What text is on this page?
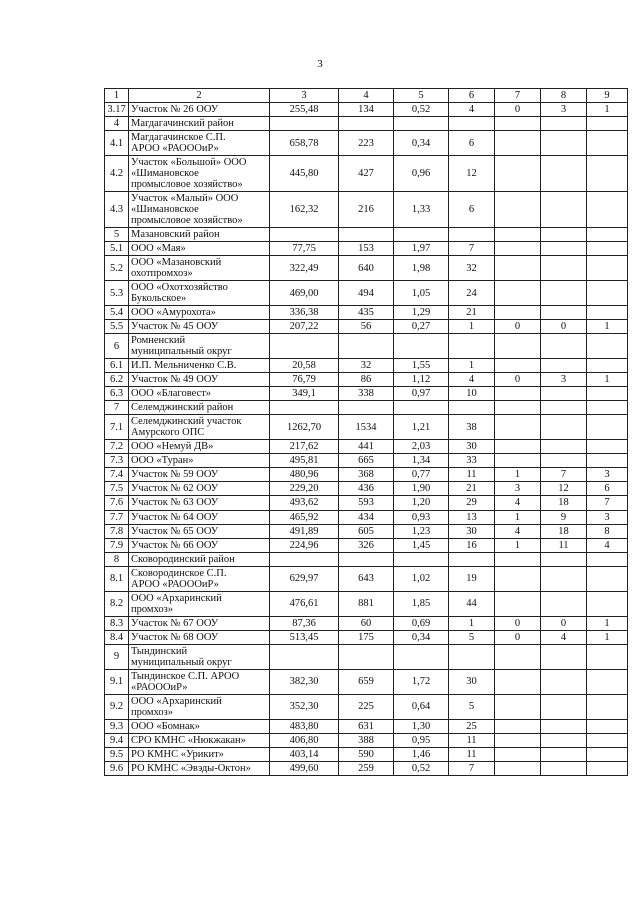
3
1	2	3	4	5	6	7	8	9
3.17	Участок № 26 ООУ	255,48	134	0,52	4	0	3	1
4	Магдагачинский район							
4.1	Магдагачинское С.П.
АРОО «РАОООиР»	658,78	223	0,34	6			
4.2	Участок «Большой» ООО
«Шимановское
промысловое хозяйство»	445,80	427	0,96	12			
4.3	Участок «Малый» ООО
«Шимановское
промысловое хозяйство»	162,32	216	1,33	6			
5	Мазановский район							
5.1	ООО «Мая»	77,75	153	1,97	7			
5.2	ООО «Мазановский
охотпромхоз»	322,49	640	1,98	32			
5.3	ООО «Охотхозяйство
Букольское»	469,00	494	1,05	24			
5.4	ООО «Амурохота»	336,38	435	1,29	21			
5.5	Участок № 45 ООУ	207,22	56	0,27	1	0	0	1
6	Ромненский
муниципальный округ							
6.1	И.П. Мельниченко С.В.	20,58	32	1,55	1			
6.2	Участок № 49 ООУ	76,79	86	1,12	4	0	3	1
6.3	ООО «Благовест»	349,1	338	0,97	10			
7	Селемджинский район							
7.1	Селемджинский участок
Амурского ОПС	1262,70	1534	1,21	38			
7.2	ООО «Немуй ДВ»	217,62	441	2,03	30			
7.3	ООО «Туран»	495,81	665	1,34	33			
7.4	Участок № 59 ООУ	480,96	368	0,77	11	1	7	3
7.5	Участок № 62 ООУ	229,20	436	1,90	21	3	12	6
7.6	Участок № 63 ООУ	493,62	593	1,20	29	4	18	7
7.7	Участок № 64 ООУ	465,92	434	0,93	13	1	9	3
7.8	Участок № 65 ООУ	491,89	605	1,23	30	4	18	8
7.9	Участок № 66 ООУ	224,96	326	1,45	16	1	11	4
8	Сковородинский район							
8.1	Сковородинское С.П.
АРОО «РАОООиР»	629,97	643	1,02	19			
8.2	ООО «Архаринский
промхоз»	476,61	881	1,85	44			
8.3	Участок № 67 ООУ	87,36	60	0,69	1	0	0	1
8.4	Участок № 68 ООУ	513,45	175	0,34	5	0	4	1
9	Тындинский
муниципальный округ							
9.1	Тындинское С.П. АРОО
«РАОООиР»	382,30	659	1,72	30			
9.2	ООО «Архаринский
промхоз»	352,30	225	0,64	5			
9.3	ООО «Бомнак»	483,80	631	1,30	25			
9.4	СРО КМНС «Нюкжакан»	406,80	388	0,95	11			
9.5	РО КМНС «Урикит»	403,14	590	1,46	11			
9.6	РО КМНС «Эвэды-Октон»	499,60	259	0,52	7			
